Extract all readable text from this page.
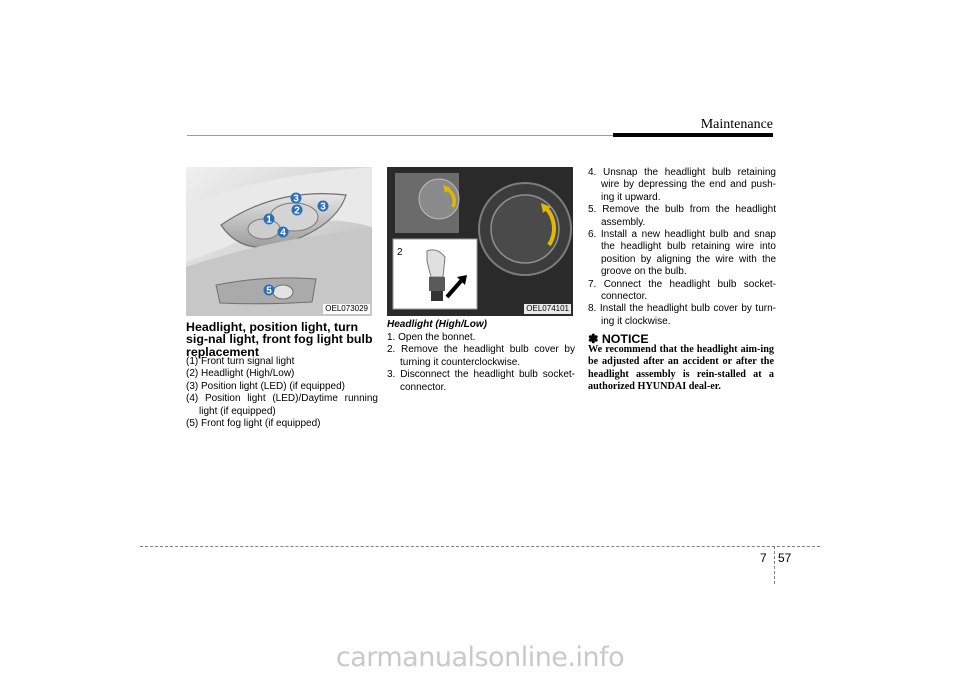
Maintenance
3
2 3
1
4
5
OEL073029
2
OEL074101
Headlight, position light, turn sig-nal light, front fog light bulb replacement
(1) Front turn signal light
(2) Headlight (High/Low)
(3) Position light (LED) (if equipped)
(4) Position light (LED)/Daytime running light (if equipped)
(5) Front fog light (if equipped)
Headlight (High/Low)
1. Open the bonnet.
2. Remove the headlight bulb cover by turning it counterclockwise.
3. Disconnect the headlight bulb socket-connector.
4. Unsnap the headlight bulb retaining wire by depressing the end and push-ing it upward.
5. Remove the bulb from the headlight assembly.
6. Install a new headlight bulb and snap the headlight bulb retaining wire into position by aligning the wire with the groove on the bulb.
7. Connect the headlight bulb socket-connector.
8. Install the headlight bulb cover by turn-ing it clockwise.
✽ NOTICE

We recommend that the headlight aim-ing be adjusted after an accident or after the headlight assembly is rein-stalled at a authorized HYUNDAI deal-er.

7 57
carmanualsonline.info
